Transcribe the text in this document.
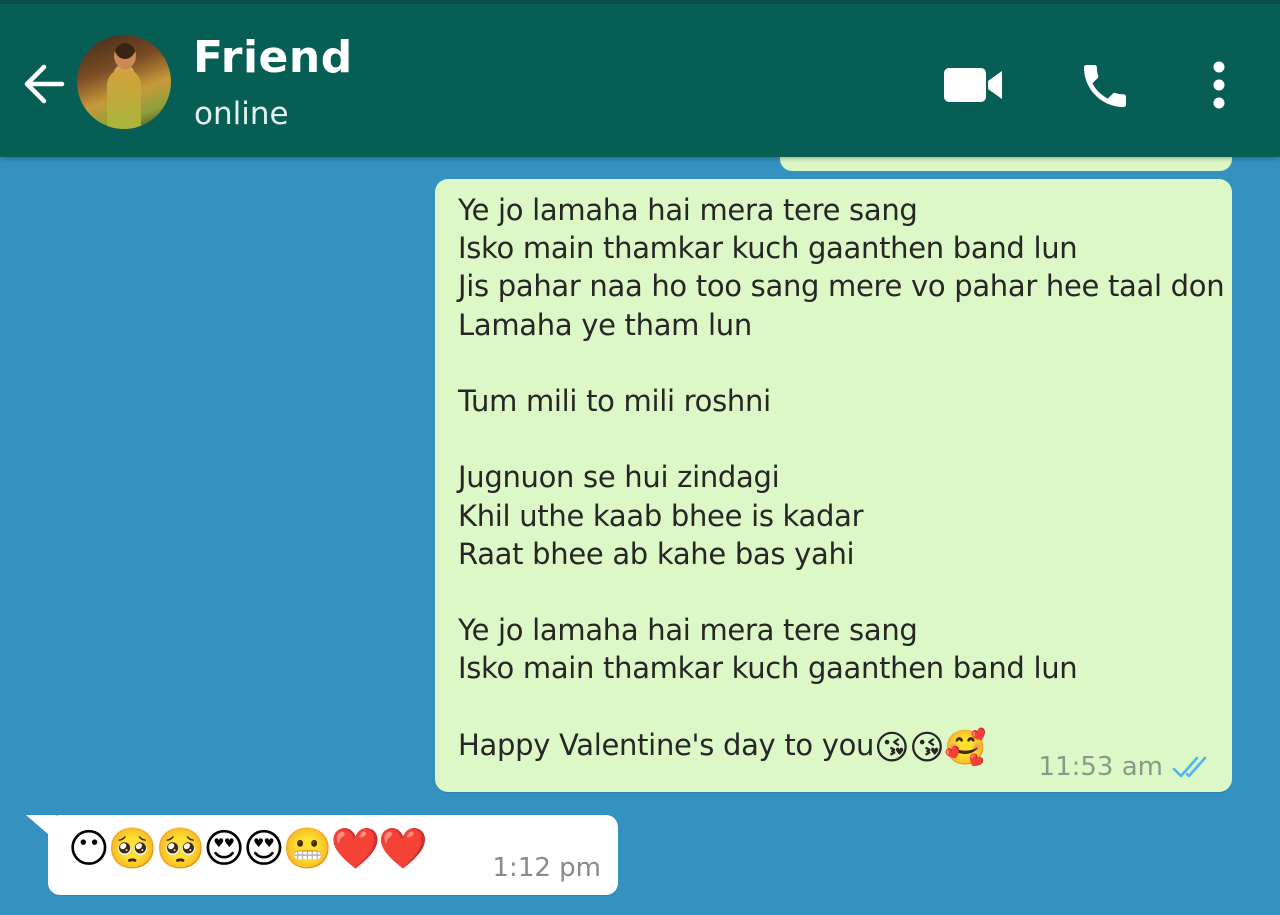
Friend
online
Ye jo lamaha hai mera tere sang
Isko main thamkar kuch gaanthen band lun
Jis pahar naa ho too sang mere vo pahar hee taal don
Lamaha ye tham lun
Tum mili to mili roshni
Jugnuon se hui zindagi
Khil uthe kaab bhee is kadar
Raat bhee ab kahe bas yahi
Ye jo lamaha hai mera tere sang
Isko main thamkar kuch gaanthen band lun
Happy Valentine's day to you😘😘🥰	11:53 am
😶🥺🥺😍😍😬❤️❤️	1:12 pm
